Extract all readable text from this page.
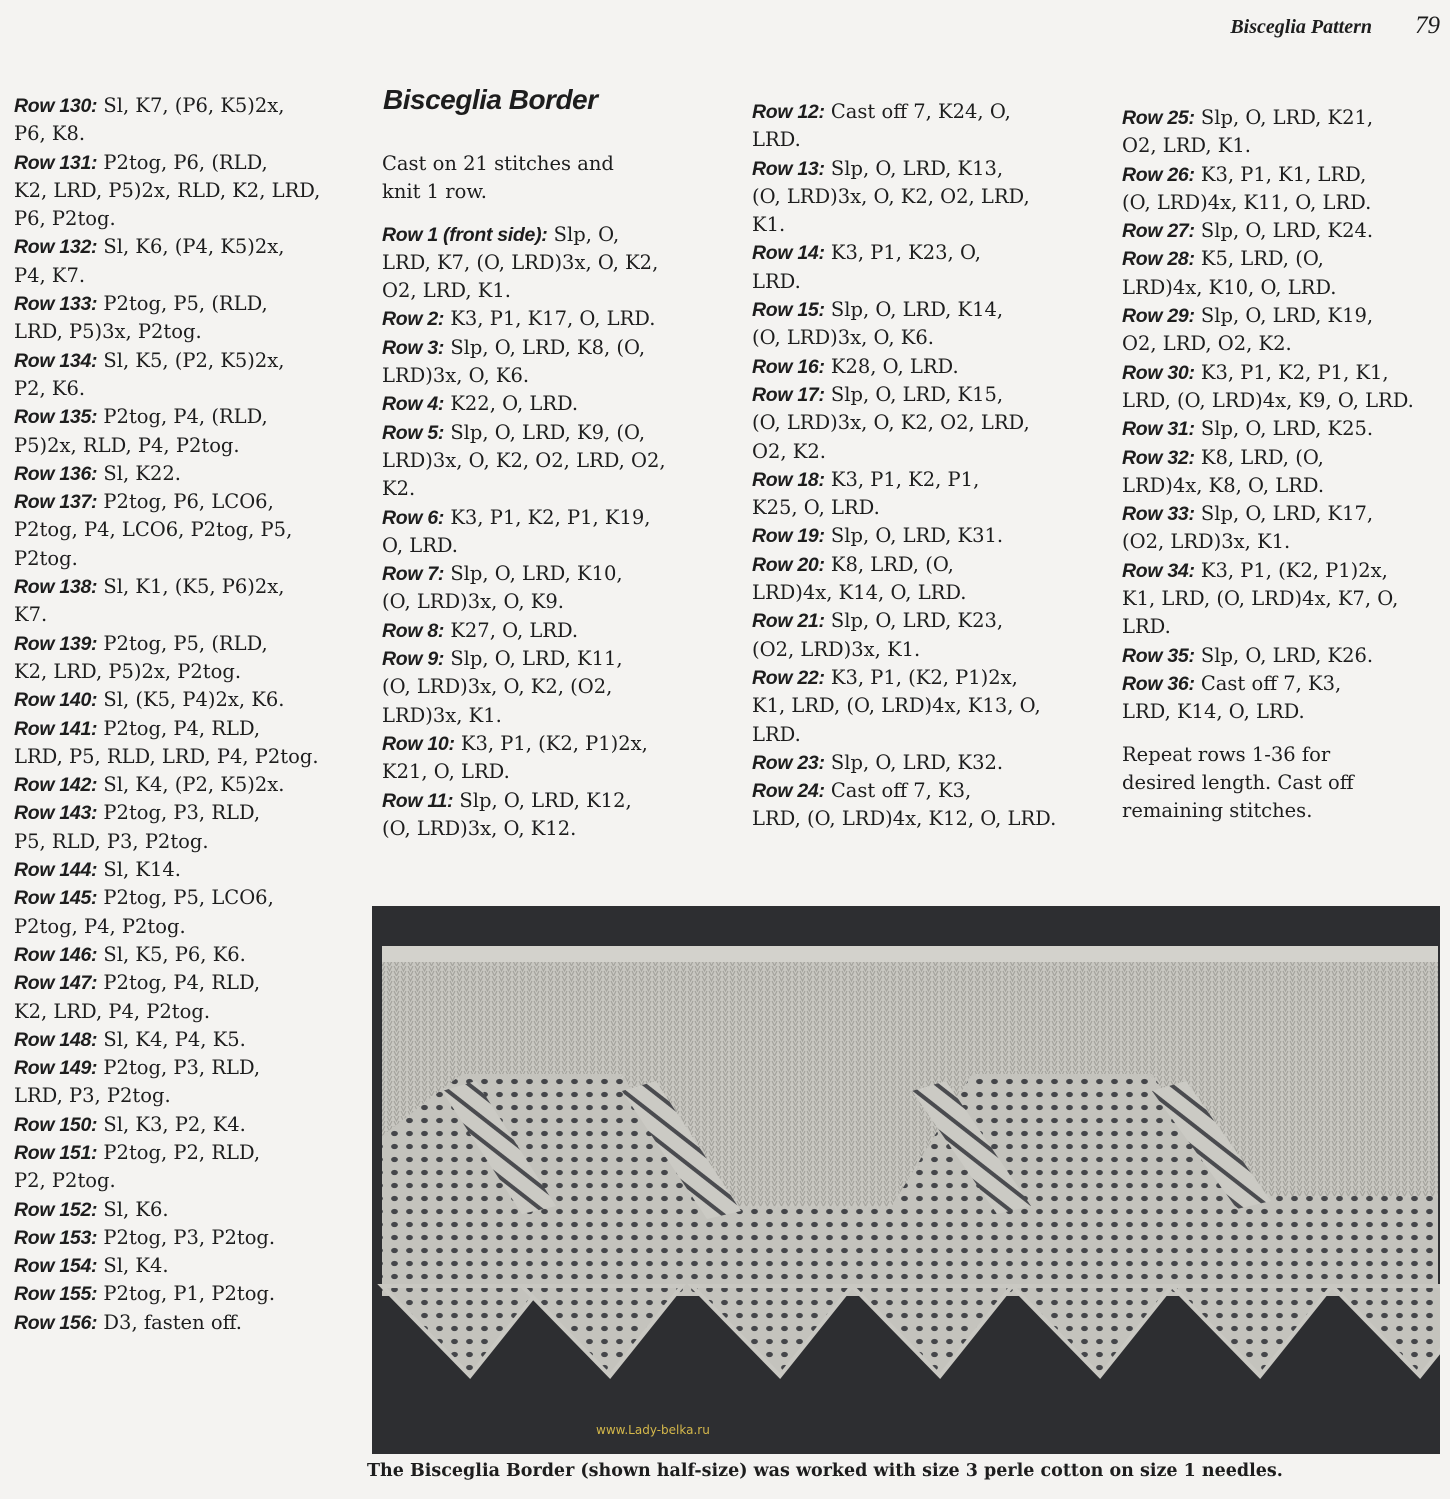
Bisceglia Pattern 79

Row 130: Sl, K7, (P6, K5)2x,
P6, K8.

Row 131: P2tog, P6, (RLD,
K2, LRD, P5)2x, RLD, K2, LRD,
P6, P2tog.

Row 132: Sl, K6, (P4, K5)2x,
P4, K7.

Row 133: P2tog, P5, (RLD,
LRD, P5)3x, P2tog.

Row 134: Sl, K5, (P2, K5)2x,
P2, K6.

Row 135: P2tog, P4, (RLD,
P5)2x, RLD, P4, P2tog.

Row 136: Sl, K22.

Row 137: P2tog, P6, LCO6,
P2tog, P4, LCO6, P2tog, P5,
P2tog.

Row 138: Sl, K1, (K5, P6)2x,
K7.

Row 139: P2tog, P5, (RLD,
K2, LRD, P5)2x, P2tog.

Row 140: Sl, (K5, P4)2x, K6.

Row 141: P2tog, P4, RLD,
LRD, P5, RLD, LRD, P4, P2tog.

Row 142: Sl, K4, (P2, K5)2x.

Row 143: P2tog, P3, RLD,
P5, RLD, P3, P2tog.

Row 144: Sl, K14.

Row 145: P2tog, P5, LCO6,
P2tog, P4, P2tog.

Row 146: Sl, K5, P6, K6.

Row 147: P2tog, P4, RLD,
K2, LRD, P4, P2tog.

Row 148: Sl, K4, P4, K5.

Row 149: P2tog, P3, RLD,
LRD, P3, P2tog.

Row 150: Sl, K3, P2, K4.

Row 151: P2tog, P2, RLD,
P2, P2tog.

Row 152: Sl, K6.

Row 153: P2tog, P3, P2tog.

Row 154: Sl, K4.

Row 155: P2tog, P1, P2tog.

Row 156: D3, fasten off.

Bisceglia Border

Cast on 21 stitches and
knit 1 row.

Row 1 (front side): Slp, O,
LRD, K7, (O, LRD)3x, O, K2,
O2, LRD, K1.

Row 2: K3, P1, K17, O, LRD.

Row 3: Slp, O, LRD, K8, (O,
LRD)3x, O, K6.

Row 4: K22, O, LRD.

Row 5: Slp, O, LRD, K9, (O,
LRD)3x, O, K2, O2, LRD, O2,
K2.

Row 6: K3, P1, K2, P1, K19,
O, LRD.

Row 7: Slp, O, LRD, K10,
(O, LRD)3x, O, K9.

Row 8: K27, O, LRD.

Row 9: Slp, O, LRD, K11,
(O, LRD)3x, O, K2, (O2,
LRD)3x, K1.

Row 10: K3, P1, (K2, P1)2x,
K21, O, LRD.

Row 11: Slp, O, LRD, K12,
(O, LRD)3x, O, K12.

Row 12: Cast off 7, K24, O,
LRD.

Row 13: Slp, O, LRD, K13,
(O, LRD)3x, O, K2, O2, LRD,
K1.

Row 14: K3, P1, K23, O,
LRD.

Row 15: Slp, O, LRD, K14,
(O, LRD)3x, O, K6.

Row 16: K28, O, LRD.

Row 17: Slp, O, LRD, K15,
(O, LRD)3x, O, K2, O2, LRD,
O2, K2.

Row 18: K3, P1, K2, P1,
K25, O, LRD.

Row 19: Slp, O, LRD, K31.

Row 20: K8, LRD, (O,
LRD)4x, K14, O, LRD.

Row 21: Slp, O, LRD, K23,
(O2, LRD)3x, K1.

Row 22: K3, P1, (K2, P1)2x,
K1, LRD, (O, LRD)4x, K13, O,
LRD.

Row 23: Slp, O, LRD, K32.

Row 24: Cast off 7, K3,
LRD, (O, LRD)4x, K12, O, LRD.

Row 25: Slp, O, LRD, K21,
O2, LRD, K1.

Row 26: K3, P1, K1, LRD,
(O, LRD)4x, K11, O, LRD.

Row 27: Slp, O, LRD, K24.

Row 28: K5, LRD, (O,
LRD)4x, K10, O, LRD.

Row 29: Slp, O, LRD, K19,
O2, LRD, O2, K2.

Row 30: K3, P1, K2, P1, K1,
LRD, (O, LRD)4x, K9, O, LRD.

Row 31: Slp, O, LRD, K25.

Row 32: K8, LRD, (O,
LRD)4x, K8, O, LRD.

Row 33: Slp, O, LRD, K17,
(O2, LRD)3x, K1.

Row 34: K3, P1, (K2, P1)2x,
K1, LRD, (O, LRD)4x, K7, O,
LRD.

Row 35: Slp, O, LRD, K26.

Row 36: Cast off 7, K3,
LRD, K14, O, LRD.

Repeat rows 1-36 for
desired length. Cast off
remaining stitches.

www.Lady-belka.ru
The Bisceglia Border (shown half-size) was worked with size 3 perle cotton on size 1 needles.
